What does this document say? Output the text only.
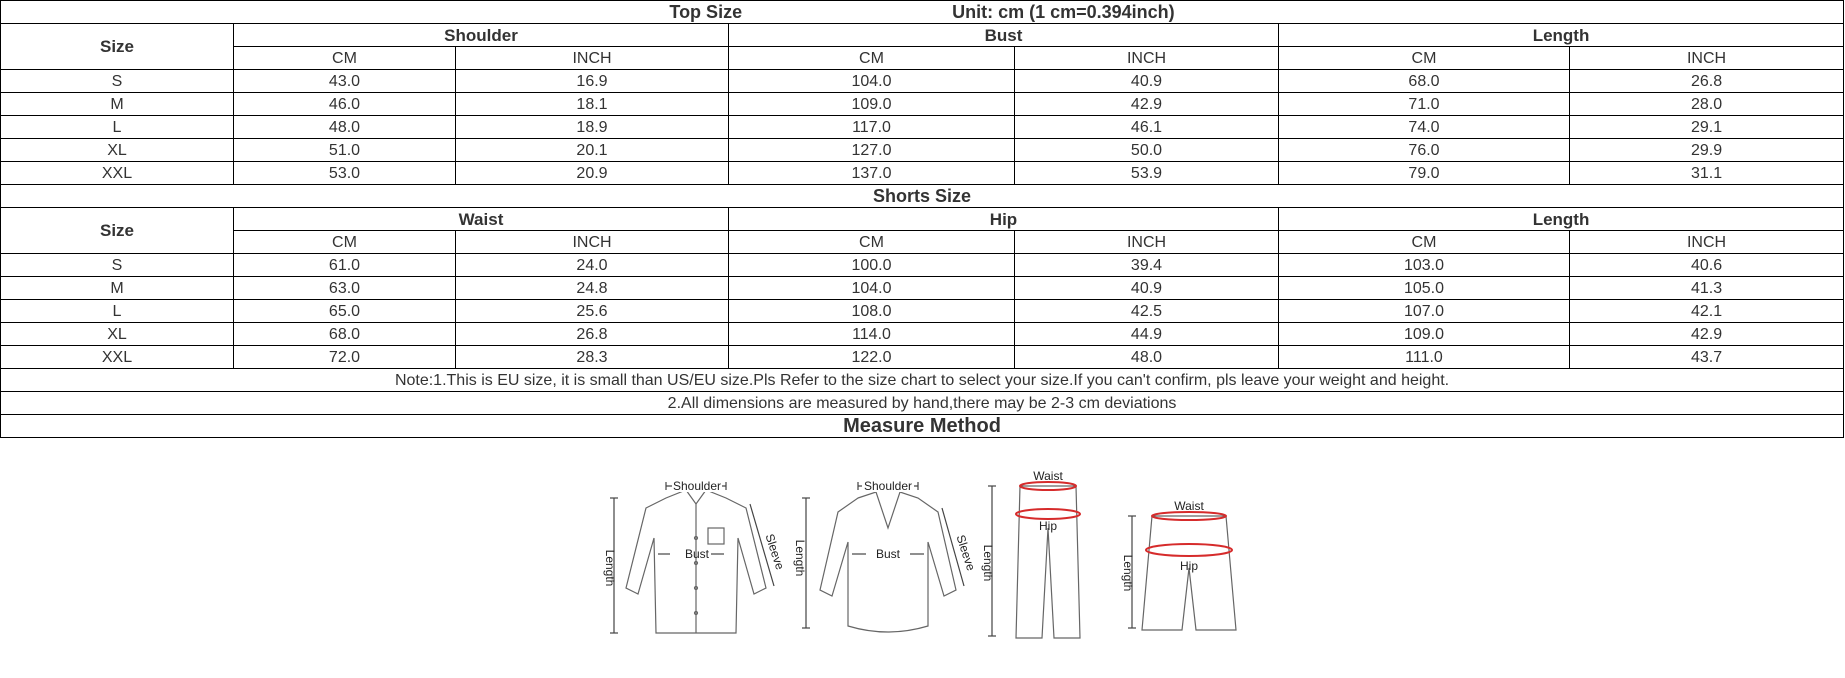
Top Size Unit: cm (1 cm=0.394inch)						
Size	Shoulder		Bust		Length	
	CM	INCH	CM	INCH	CM	INCH
S	43.0	16.9	104.0	40.9	68.0	26.8
M	46.0	18.1	109.0	42.9	71.0	28.0
L	48.0	18.9	117.0	46.1	74.0	29.1
XL	51.0	20.1	127.0	50.0	76.0	29.9
XXL	53.0	20.9	137.0	53.9	79.0	31.1
Shorts Size						
Size	Waist		Hip		Length	
	CM	INCH	CM	INCH	CM	INCH
S	61.0	24.0	100.0	39.4	103.0	40.6
M	63.0	24.8	104.0	40.9	105.0	41.3
L	65.0	25.6	108.0	42.5	107.0	42.1
XL	68.0	26.8	114.0	44.9	109.0	42.9
XXL	72.0	28.3	122.0	48.0	111.0	43.7
Note:1.This is EU size, it is small than US/EU size.Pls Refer to the size chart to select your size.If you can't confirm, pls leave your weight and height.						
2.All dimensions are measured by hand,there may be 2-3 cm deviations						
Measure Method						
Shoulder
Bust
Length	Sleeve
Shoulder
Bust
Length	Sleeve
Waist
Hip
Length
Waist
Hip
Length
